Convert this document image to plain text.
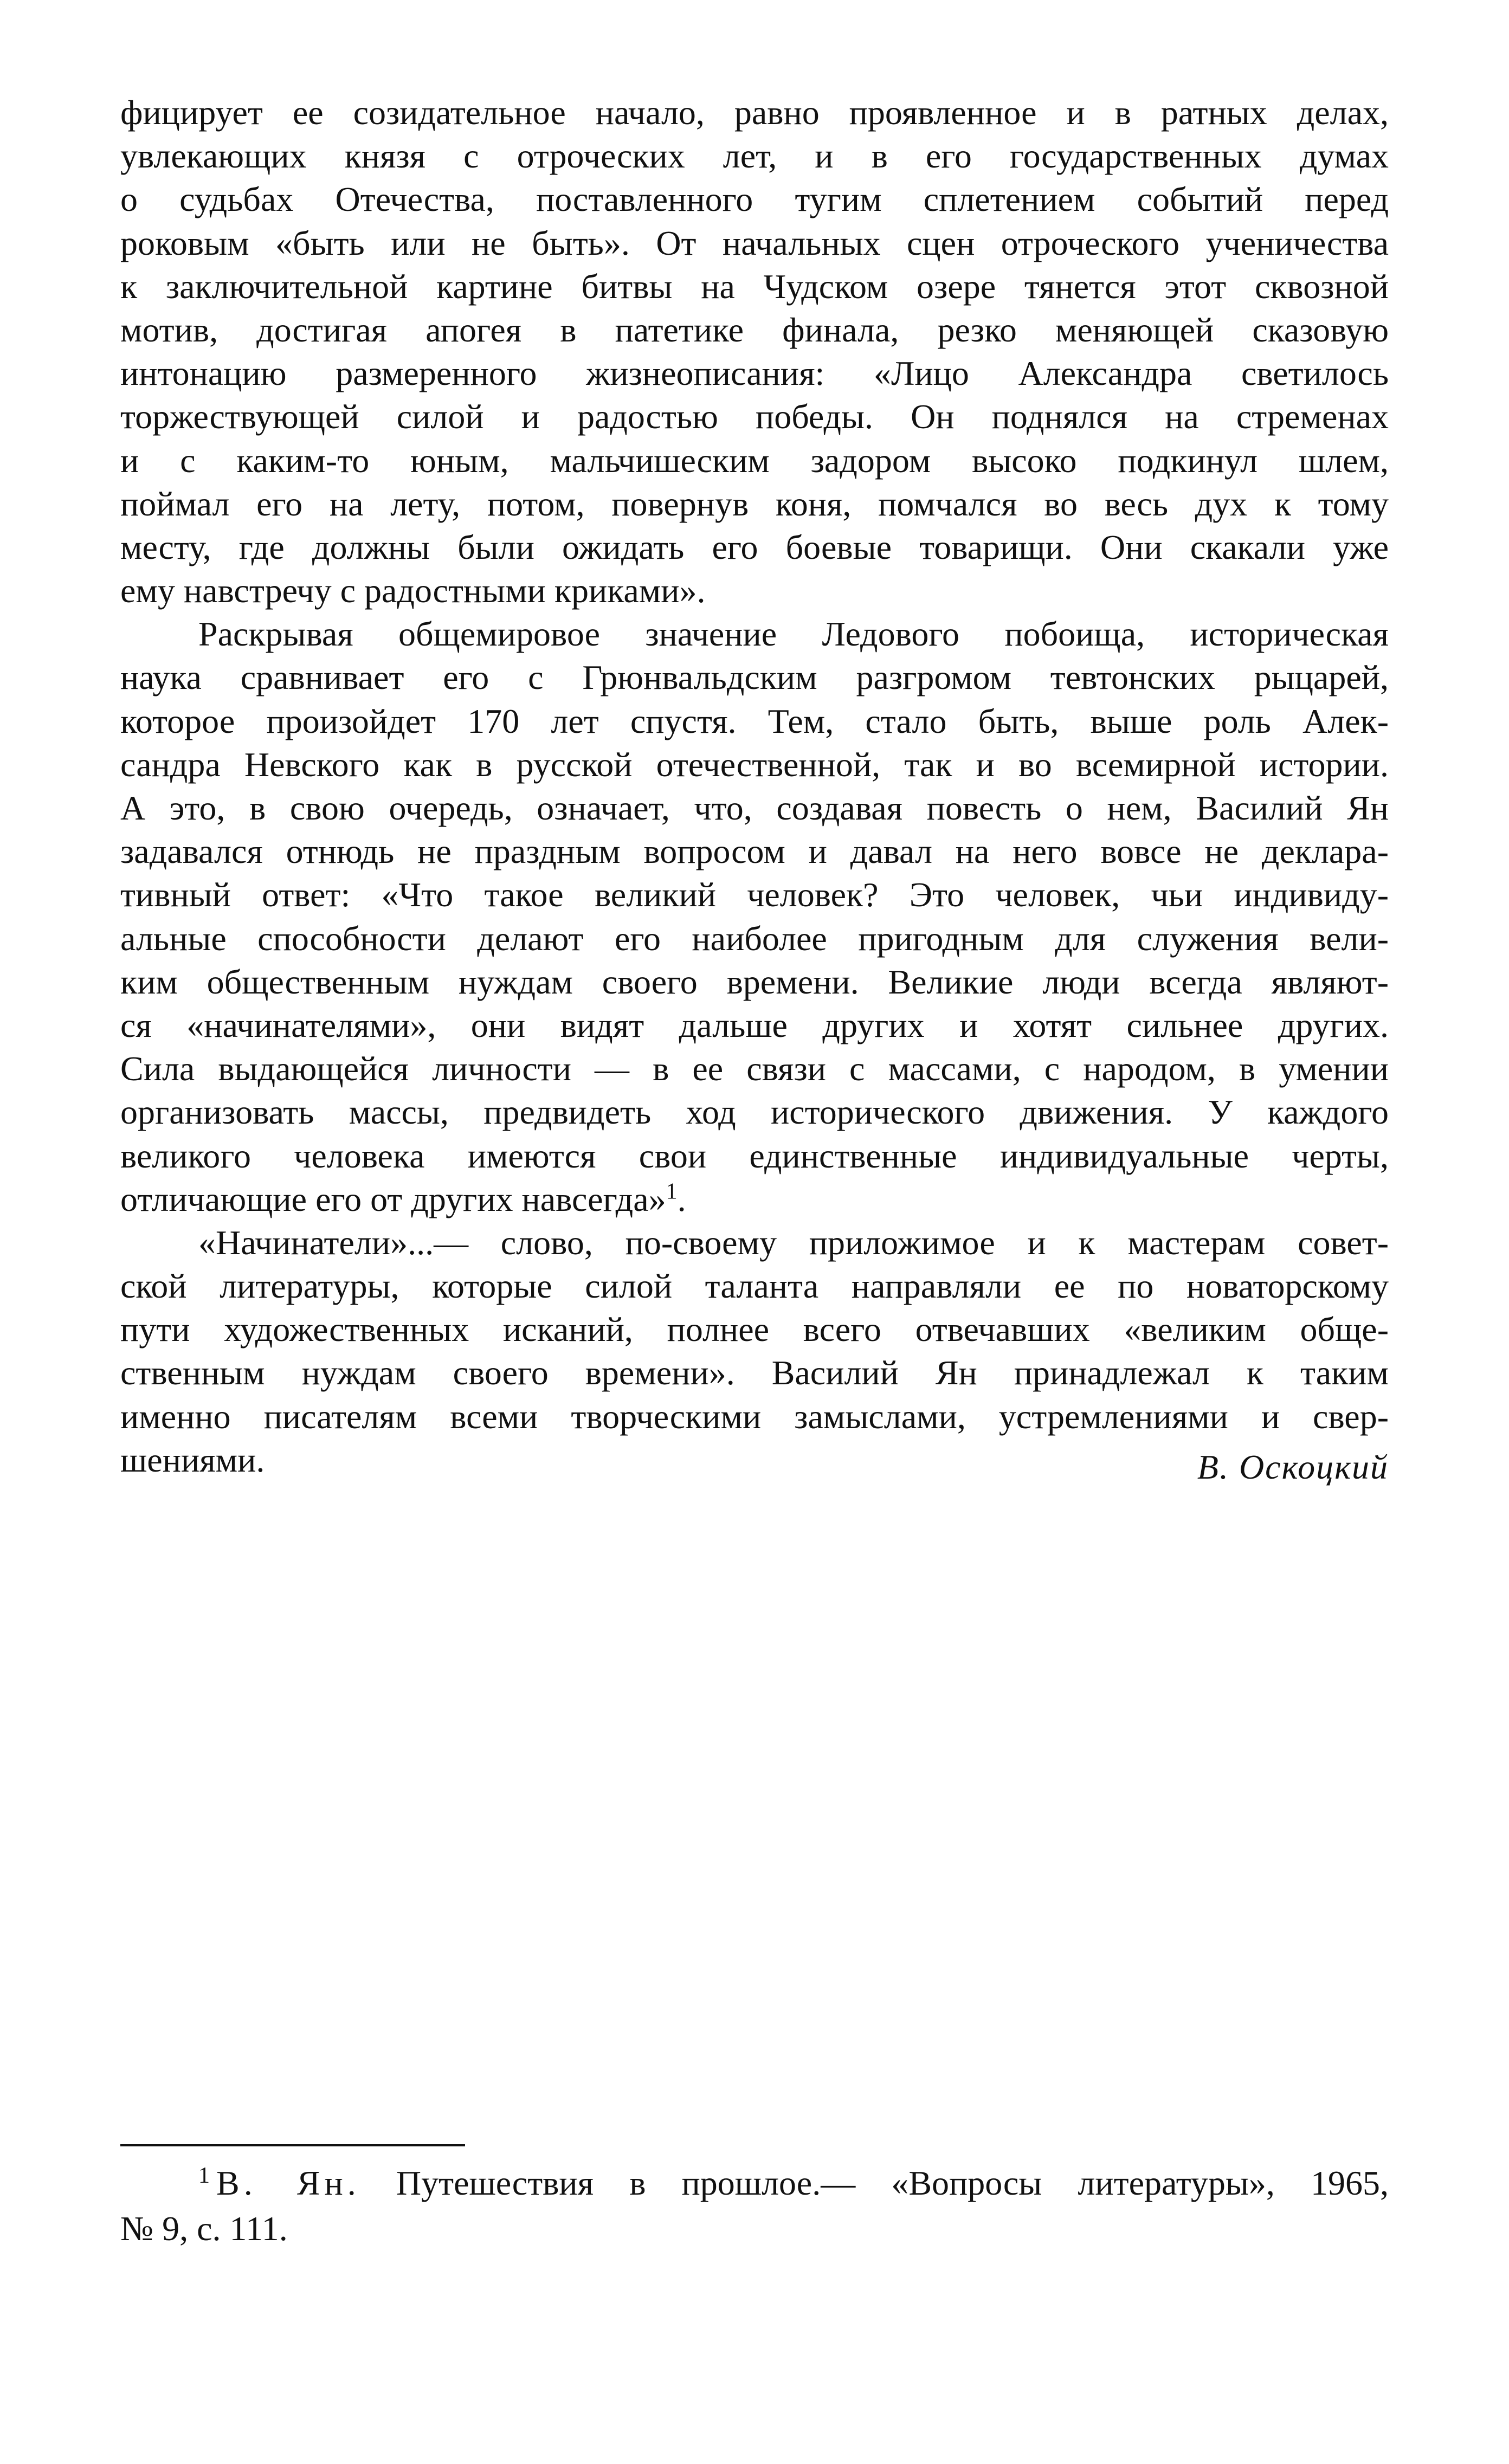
фицирует ее созидательное начало, равно проявленное и в ратных делах,
увлекающих князя с отроческих лет, и в его государственных думах
о судьбах Отечества, поставленного тугим сплетением событий перед
роковым «быть или не быть». От начальных сцен отроческого ученичества
к заключительной картине битвы на Чудском озере тянется этот сквозной
мотив, достигая апогея в патетике финала, резко меняющей сказовую
интонацию размеренного жизнеописания: «Лицо Александра светилось
торжествующей силой и радостью победы. Он поднялся на стременах
и с каким-то юным, мальчишеским задором высоко подкинул шлем,
поймал его на лету, потом, повернув коня, помчался во весь дух к тому
месту, где должны были ожидать его боевые товарищи. Они скакали уже
ему навстречу с радостными криками».
Раскрывая общемировое значение Ледового побоища, историческая
наука сравнивает его с Грюнвальдским разгромом тевтонских рыцарей,
которое произойдет 170 лет спустя. Тем, стало быть, выше роль Алек-
сандра Невского как в русской отечественной, так и во всемирной истории.
А это, в свою очередь, означает, что, создавая повесть о нем, Василий Ян
задавался отнюдь не праздным вопросом и давал на него вовсе не деклара-
тивный ответ: «Что такое великий человек? Это человек, чьи индивиду-
альные способности делают его наиболее пригодным для служения вели-
ким общественным нуждам своего времени. Великие люди всегда являют-
ся «начинателями», они видят дальше других и хотят сильнее других.
Сила выдающейся личности — в ее связи с массами, с народом, в умении
организовать массы, предвидеть ход исторического движения. У каждого
великого человека имеются свои единственные индивидуальные черты,
отличающие его от других навсегда»$^1$.
«Начинатели»...— слово, по-своему приложимое и к мастерам совет-
ской литературы, которые силой таланта направляли ее по новаторскому
пути художественных исканий, полнее всего отвечавших «великим обще-
ственным нуждам своего времени». Василий Ян принадлежал к таким
именно писателям всеми творческими замыслами, устремлениями и свер-
шениями.	В. Оскоцкий
$^1$ В. Ян. Путешествия в прошлое.— «Вопросы литературы», 1965,
№ 9, с. 111.
